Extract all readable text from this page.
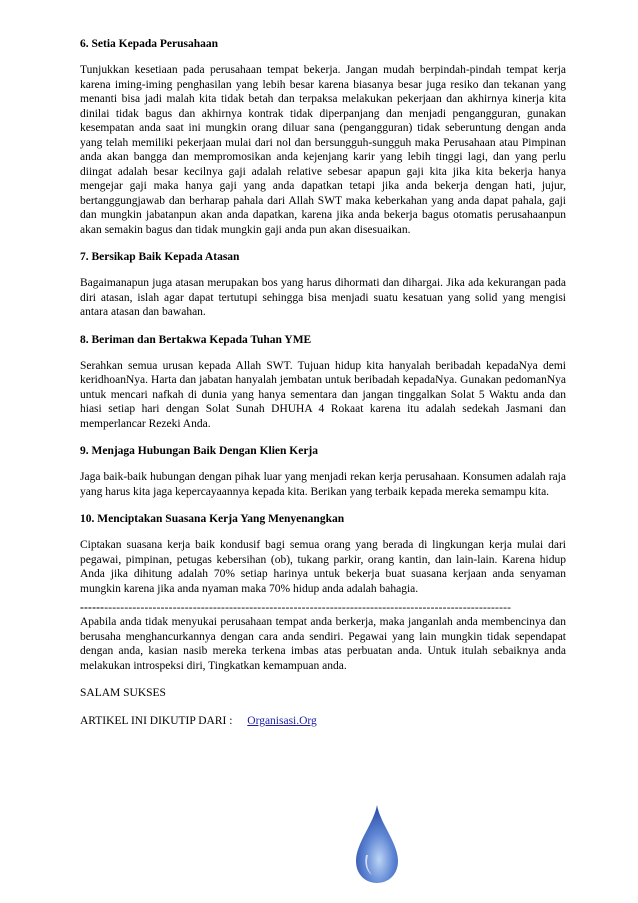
6. Setia Kepada Perusahaan
Tunjukkan kesetiaan pada perusahaan tempat bekerja. Jangan mudah berpindah-pindah tempat kerja karena iming-iming penghasilan yang lebih besar karena biasanya besar juga resiko dan tekanan yang menanti bisa jadi malah kita tidak betah dan terpaksa melakukan pekerjaan dan akhirnya kinerja kita dinilai tidak bagus dan akhirnya kontrak tidak diperpanjang dan menjadi pengangguran, gunakan kesempatan anda saat ini mungkin orang diluar sana (pengangguran) tidak seberuntung dengan anda yang telah memiliki pekerjaan mulai dari nol dan bersungguh-sungguh maka Perusahaan atau Pimpinan anda akan bangga dan mempromosikan anda kejenjang karir yang lebih tinggi lagi, dan yang perlu diingat adalah besar kecilnya gaji adalah relative sebesar apapun gaji kita jika kita bekerja hanya mengejar gaji maka hanya gaji yang anda dapatkan tetapi jika anda bekerja dengan hati, jujur, bertanggungjawab dan berharap pahala dari Allah SWT maka keberkahan yang anda dapat pahala, gaji dan mungkin jabatanpun akan anda dapatkan, karena jika anda bekerja bagus otomatis perusahaanpun akan semakin bagus dan tidak mungkin gaji anda pun akan disesuaikan.
7. Bersikap Baik Kepada Atasan
Bagaimanapun juga atasan merupakan bos yang harus dihormati dan dihargai. Jika ada kekurangan pada diri atasan, islah agar dapat tertutupi sehingga bisa menjadi suatu kesatuan yang solid yang mengisi antara atasan dan bawahan.
8. Beriman dan Bertakwa Kepada Tuhan YME
Serahkan semua urusan kepada Allah SWT. Tujuan hidup kita hanyalah beribadah kepadaNya demi keridhoanNya. Harta dan jabatan hanyalah jembatan untuk beribadah kepadaNya. Gunakan pedomanNya untuk mencari nafkah di dunia yang hanya sementara dan jangan tinggalkan Solat 5 Waktu anda dan hiasi setiap hari dengan Solat Sunah DHUHA 4 Rokaat karena itu adalah sedekah Jasmani dan memperlancar Rezeki Anda.
9. Menjaga Hubungan Baik Dengan Klien Kerja
Jaga baik-baik hubungan dengan pihak luar yang menjadi rekan kerja perusahaan. Konsumen adalah raja yang harus kita jaga kepercayaannya kepada kita. Berikan yang terbaik kepada mereka semampu kita.
10. Menciptakan Suasana Kerja Yang Menyenangkan
Ciptakan suasana kerja baik kondusif bagi semua orang yang berada di lingkungan kerja mulai dari pegawai, pimpinan, petugas kebersihan (ob), tukang parkir, orang kantin, dan lain-lain. Karena hidup Anda jika dihitung adalah 70% setiap harinya untuk bekerja buat suasana kerjaan anda senyaman mungkin karena jika anda nyaman maka 70% hidup anda adalah bahagia.
-----------------------------------------------------------------------------------------------------------
Apabila anda tidak menyukai perusahaan tempat anda berkerja, maka janganlah anda membencinya dan berusaha menghancurkannya dengan cara anda sendiri. Pegawai yang lain mungkin tidak sependapat dengan anda, kasian nasib mereka terkena imbas atas perbuatan anda. Untuk itulah sebaiknya anda melakukan introspeksi diri, Tingkatkan kemampuan anda.
SALAM SUKSES
ARTIKEL INI DIKUTIP DARI : Organisasi.Org
